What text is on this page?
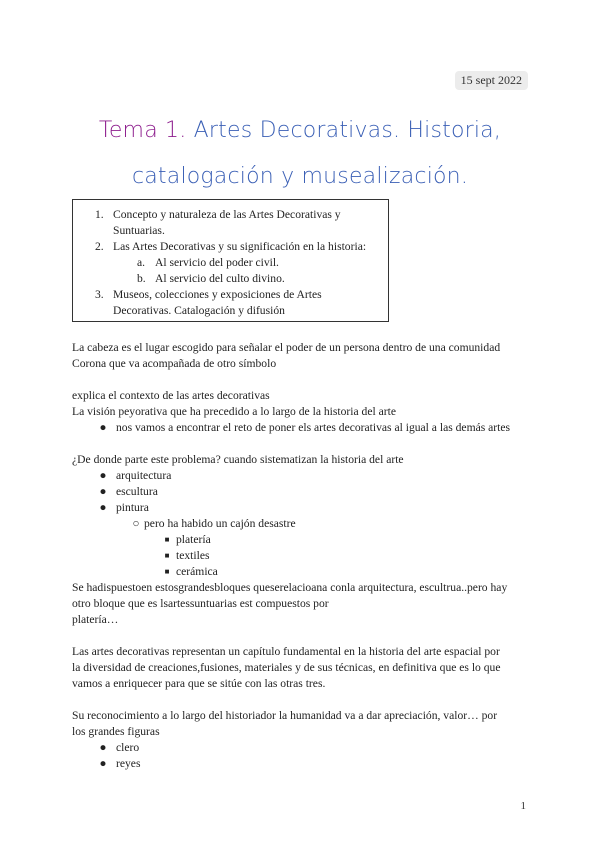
15 sept 2022
Tema 1. Artes Decorativas. Historia,
catalogación y musealización.
1. Concepto y naturaleza de las Artes Decorativas y
Suntuarias.
2. Las Artes Decorativas y su significación en la historia:
a. Al servicio del poder civil.
b. Al servicio del culto divino.
3. Museos, colecciones y exposiciones de Artes
Decorativas. Catalogación y difusión

La cabeza es el lugar escogido para señalar el poder de un persona dentro de una comunidad

Corona que va acompañada de otro símbolo

explica el contexto de las artes decorativas

La visión peyorativa que ha precedido a lo largo de la historia del arte

● nos vamos a encontrar el reto de poner els artes decorativas al igual a las demás artes

¿De donde parte este problema? cuando sistematizan la historia del arte

● arquitectura
● escultura
● pintura
○ pero ha habido un cajón desastre
■ platería
■ textiles
■ cerámica

Se hadispuestoen estosgrandesbloques queserelacioana conla arquitectura, escultrua..pero hay

otro bloque que es lsartessuntuarias est compuestos por

platería…

Las artes decorativas representan un capítulo fundamental en la historia del arte espacial por

la diversidad de creaciones,fusiones, materiales y de sus técnicas, en definitiva que es lo que

vamos a enriquecer para que se sitúe con las otras tres.

Su reconocimiento a lo largo del historiador la humanidad va a dar apreciación, valor… por

los grandes figuras

● clero
● reyes
1
